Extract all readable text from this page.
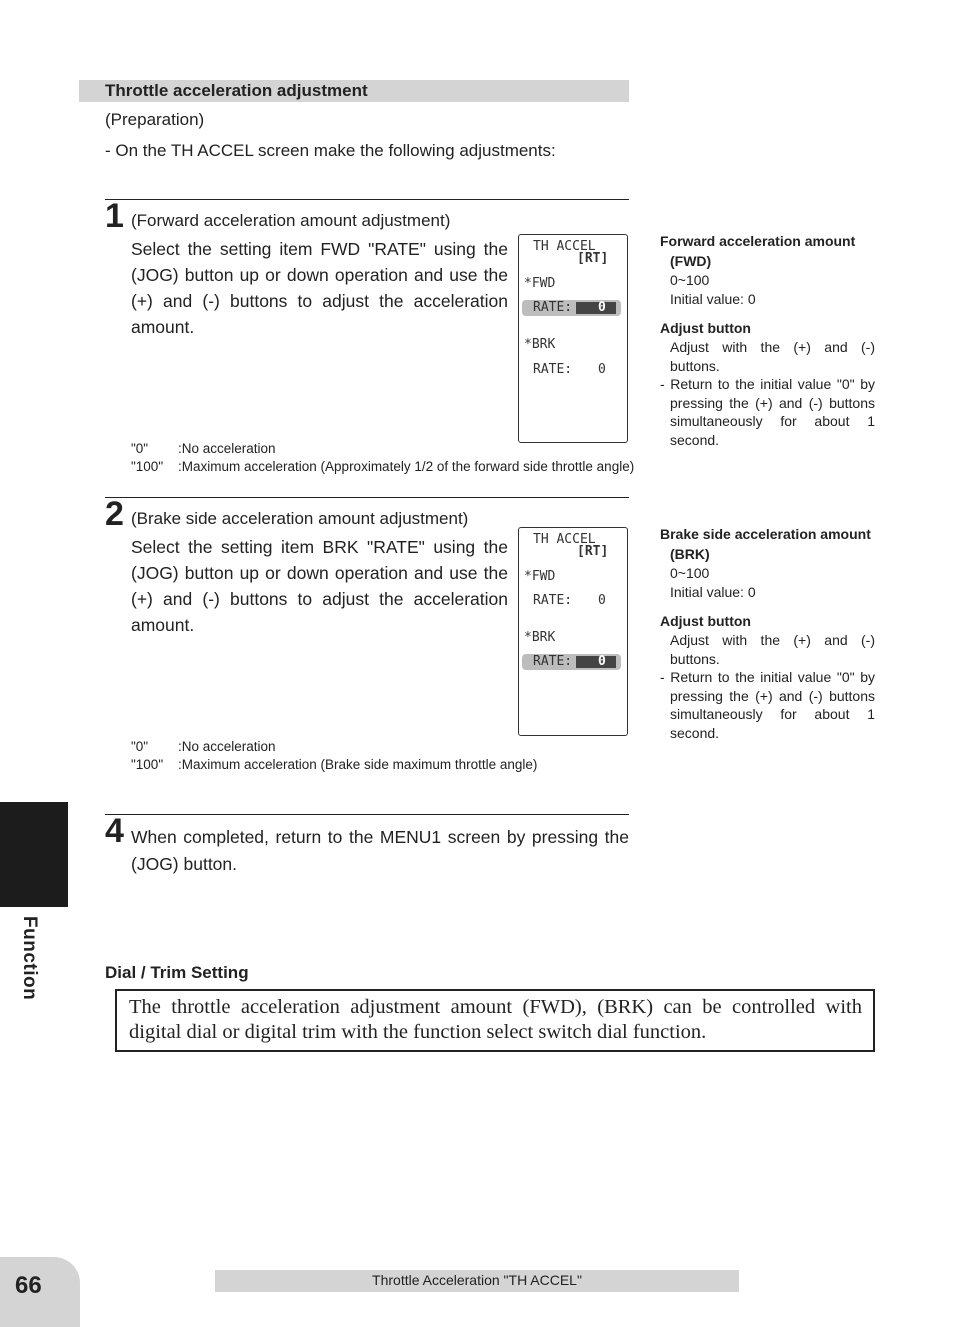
Throttle acceleration adjustment
(Preparation)
- On the TH ACCEL screen make the following adjustments:
1 (Forward acceleration amount adjustment)
Select the setting item FWD "RATE" using the (JOG) button up or down operation and use the (+) and (-) buttons to adjust the acceleration amount.
TH ACCEL
[RT]
*FWD
RATE: 0
*BRK
RATE: 0
"0" :No acceleration
"100" :Maximum acceleration (Approximately 1/2 of the forward side throttle angle)
Forward acceleration amount
(FWD)
0~100
Initial value: 0
Adjust button
Adjust with the (+) and (-) buttons.
- Return to the initial value "0" by pressing the (+) and (-) buttons simultaneously for about 1 second.
2 (Brake side acceleration amount adjustment)
Select the setting item BRK "RATE" using the (JOG) button up or down operation and use the (+) and (-) buttons to adjust the acceleration amount.
TH ACCEL
[RT]
*FWD
RATE: 0
*BRK
RATE: 0
"0" :No acceleration
"100" :Maximum acceleration (Brake side maximum throttle angle)
Brake side acceleration amount
(BRK)
0~100
Initial value: 0
Adjust button
Adjust with the (+) and (-) buttons.
- Return to the initial value "0" by pressing the (+) and (-) buttons simultaneously for about 1 second.
4 When completed, return to the MENU1 screen by pressing the (JOG) button.
Function	Dial / Trim Setting
The throttle acceleration adjustment amount (FWD), (BRK) can be controlled with digital dial or digital trim with the function select switch dial function.
66	Throttle Acceleration "TH ACCEL"
